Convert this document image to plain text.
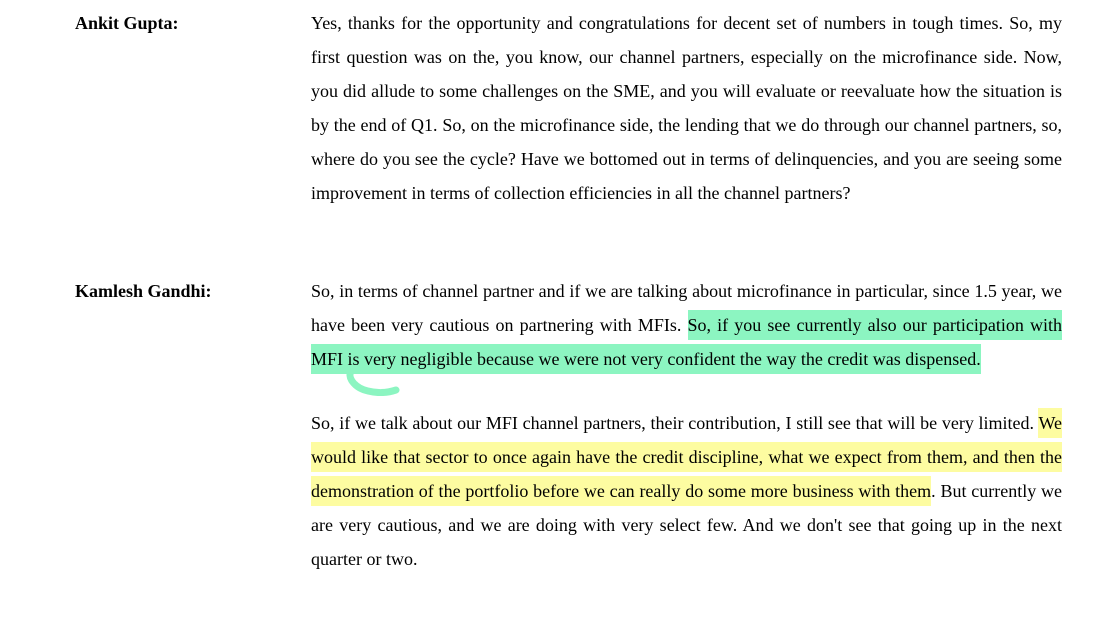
Ankit Gupta:	Yes, thanks for the opportunity and congratulations for decent set of numbers in tough times. So, my first question was on the, you know, our channel partners, especially on the microfinance side. Now, you did allude to some challenges on the SME, and you will evaluate or reevaluate how the situation is by the end of Q1. So, on the microfinance side, the lending that we do through our channel partners, so, where do you see the cycle? Have we bottomed out in terms of delinquencies, and you are seeing some improvement in terms of collection efficiencies in all the channel partners?

Kamlesh Gandhi:	So, in terms of channel partner and if we are talking about microfinance in particular, since 1.5 year, we have been very cautious on partnering with MFIs. So, if you see currently also our participation with MFI is very negligible because we were not very confident the way the credit was dispensed.

So, if we talk about our MFI channel partners, their contribution, I still see that will be very limited. We would like that sector to once again have the credit discipline, what we expect from them, and then the demonstration of the portfolio before we can really do some more business with them. But currently we are very cautious, and we are doing with very select few. And we don't see that going up in the next quarter or two.
